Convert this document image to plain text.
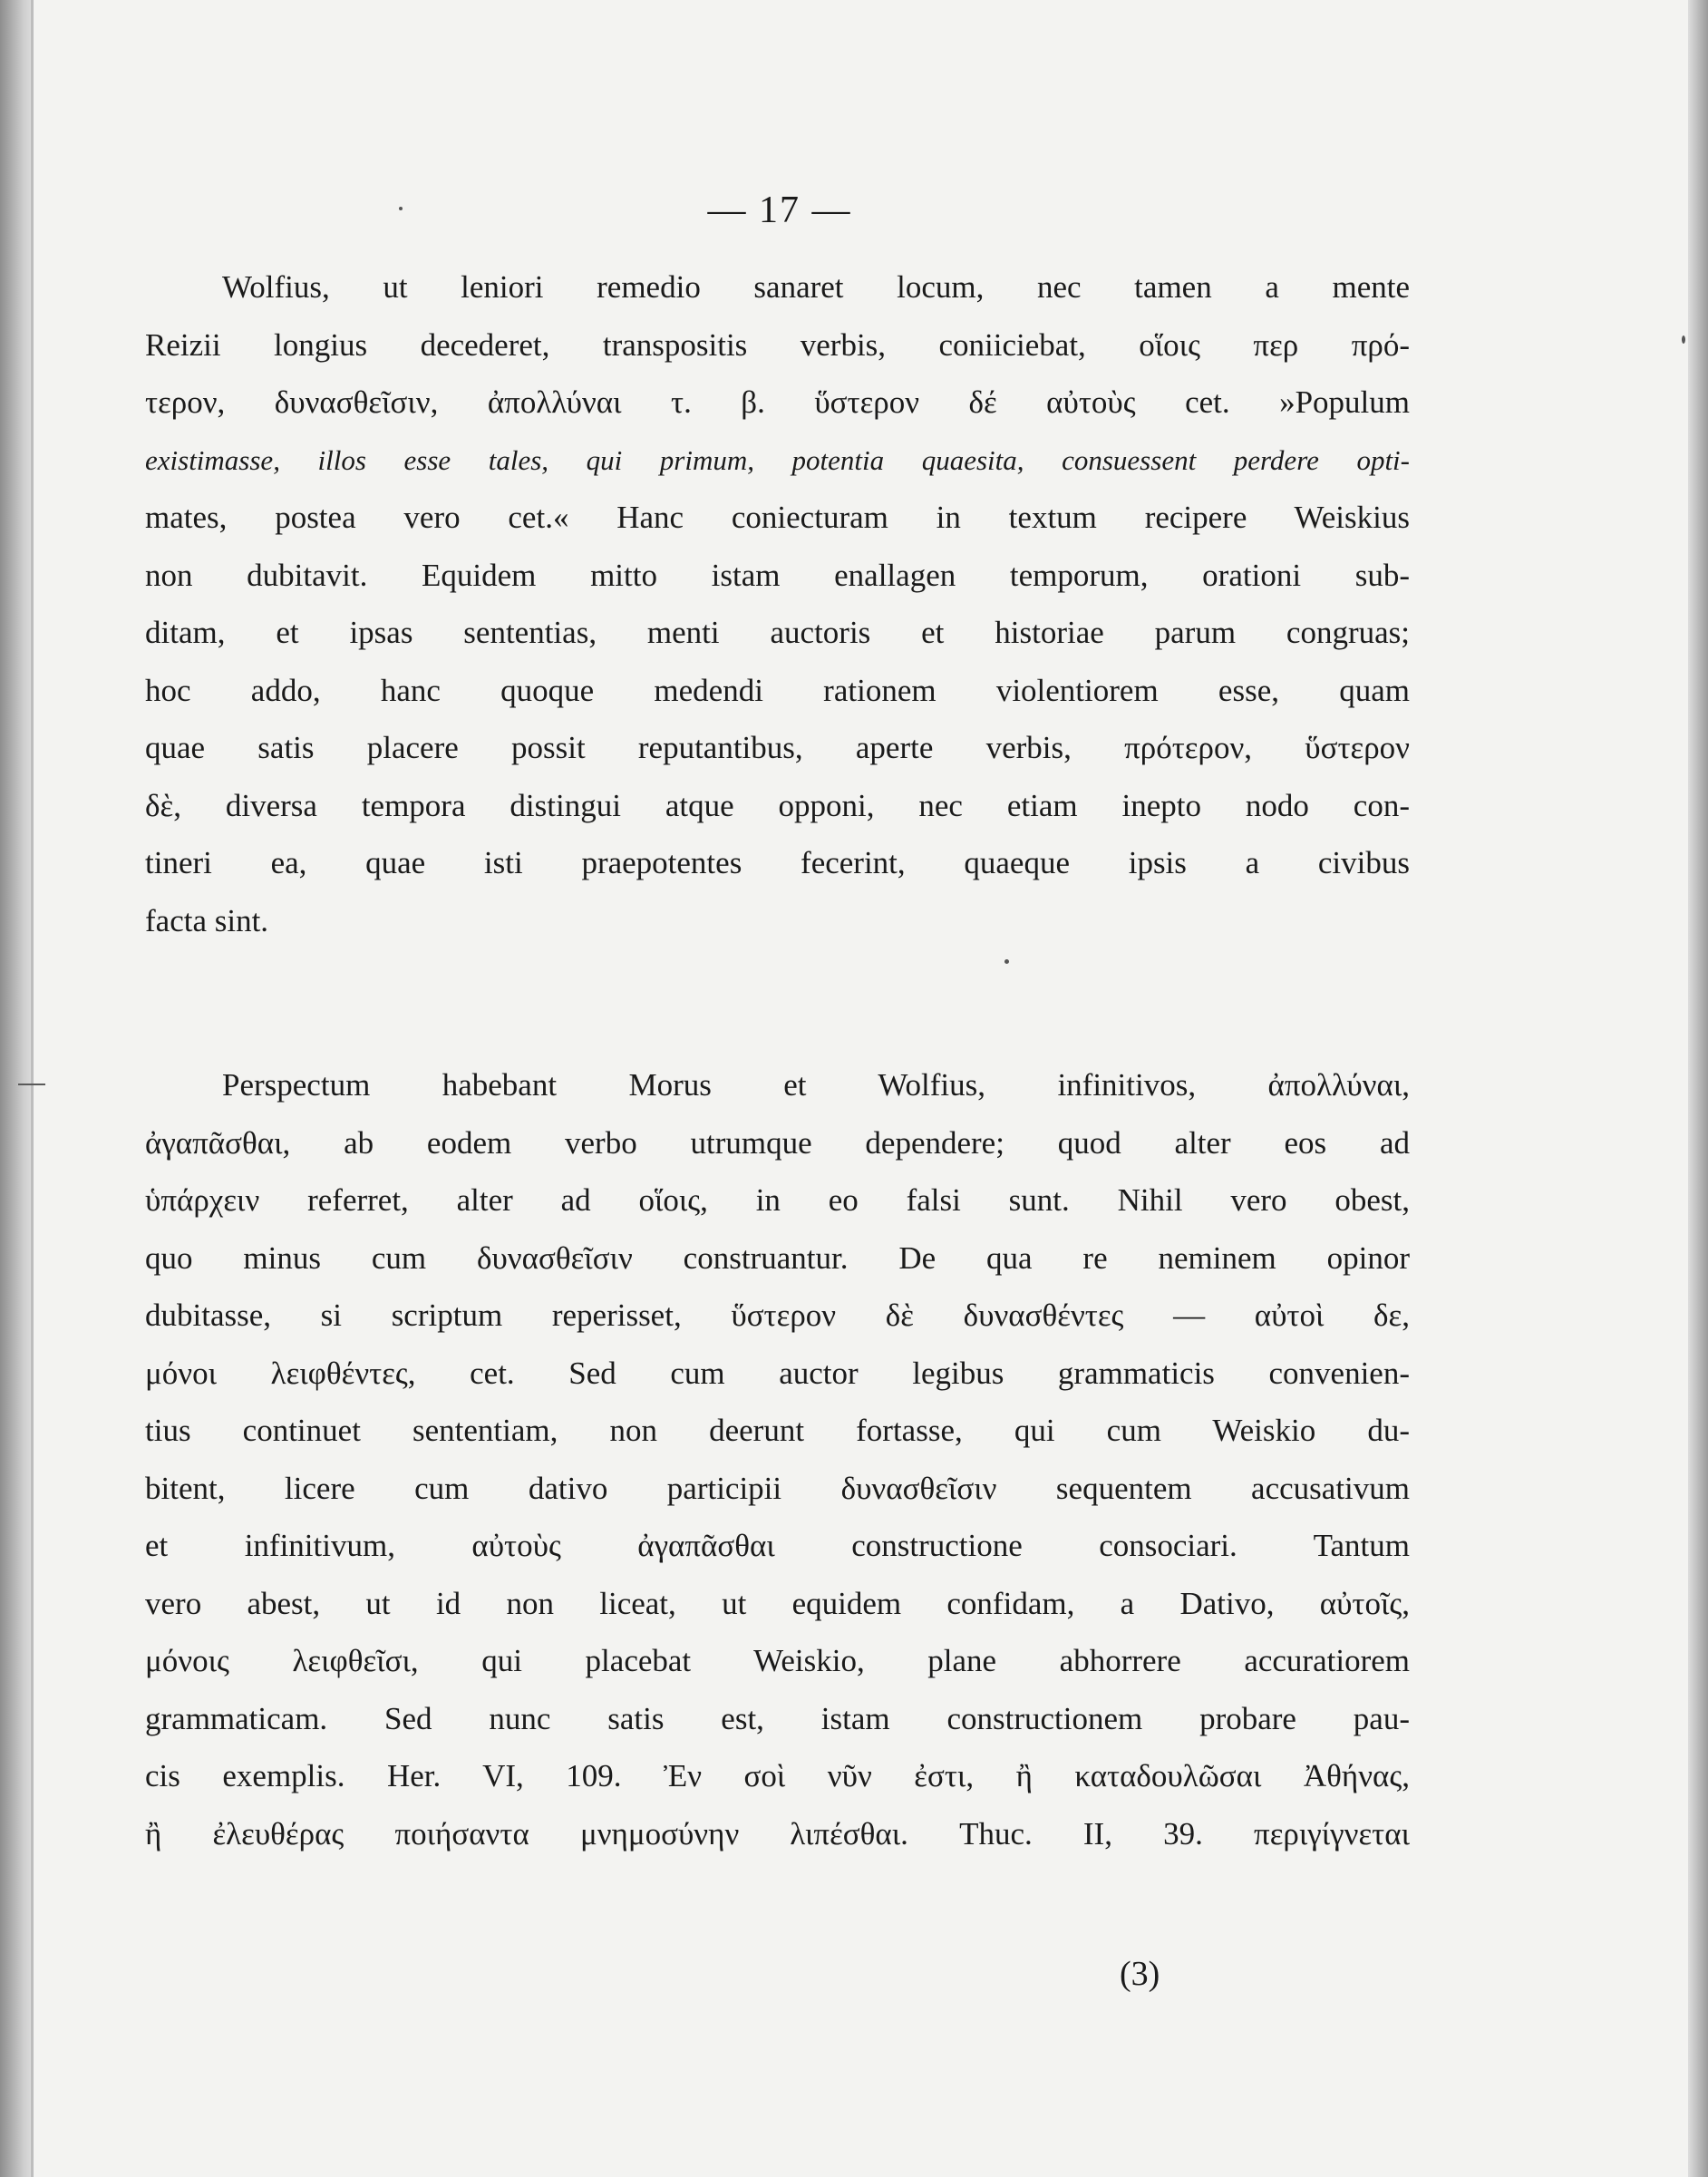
— 17 —
Wolfius, ut leniori remedio sanaret locum, nec tamen a mente
Reizii longius decederet, transpositis verbis, coniiciebat, οἵοις περ πρό-
τερον, δυνασθεῖσιν, ἀπολλύναι τ. β. ὕστερον δέ αὐτοὺς cet. »Populum
existimasse, illos esse tales, qui primum, potentia quaesita, consuessent perdere opti-
mates, postea vero cet.« Hanc coniecturam in textum recipere Weiskius
non dubitavit. Equidem mitto istam enallagen temporum, orationi sub-
ditam, et ipsas sententias, menti auctoris et historiae parum congruas;
hoc addo, hanc quoque medendi rationem violentiorem esse, quam
quae satis placere possit reputantibus, aperte verbis, πρότερον, ὕστερον
δὲ, diversa tempora distingui atque opponi, nec etiam inepto nodo con-
tineri ea, quae isti praepotentes fecerint, quaeque ipsis a civibus
facta sint.
Perspectum habebant Morus et Wolfius, infinitivos, ἀπολλύναι,
ἀγαπᾶσθαι, ab eodem verbo utrumque dependere; quod alter eos ad
ὑπάρχειν referret, alter ad οἵοις, in eo falsi sunt. Nihil vero obest,
quo minus cum δυνασθεῖσιν construantur. De qua re neminem opinor
dubitasse, si scriptum reperisset, ὕστερον δὲ δυνασθέντες — αὐτοὶ δε,
μόνοι λειφθέντες, cet. Sed cum auctor legibus grammaticis convenien-
tius continuet sententiam, non deerunt fortasse, qui cum Weiskio du-
bitent, licere cum dativo participii δυνασθεῖσιν sequentem accusativum
et infinitivum, αὐτοὺς ἀγαπᾶσθαι constructione consociari. Tantum
vero abest, ut id non liceat, ut equidem confidam, a Dativo, αὐτοῖς,
μόνοις λειφθεῖσι, qui placebat Weiskio, plane abhorrere accuratiorem
grammaticam. Sed nunc satis est, istam constructionem probare pau-
cis exemplis. Her. VI, 109. Ἐν σοὶ νῦν ἐστι, ἢ καταδουλῶσαι Ἀθήνας,
ἢ ἐλευθέρας ποιήσαντα μνημοσύνην λιπέσθαι. Thuc. II, 39. περιγίγνεται
(3)
